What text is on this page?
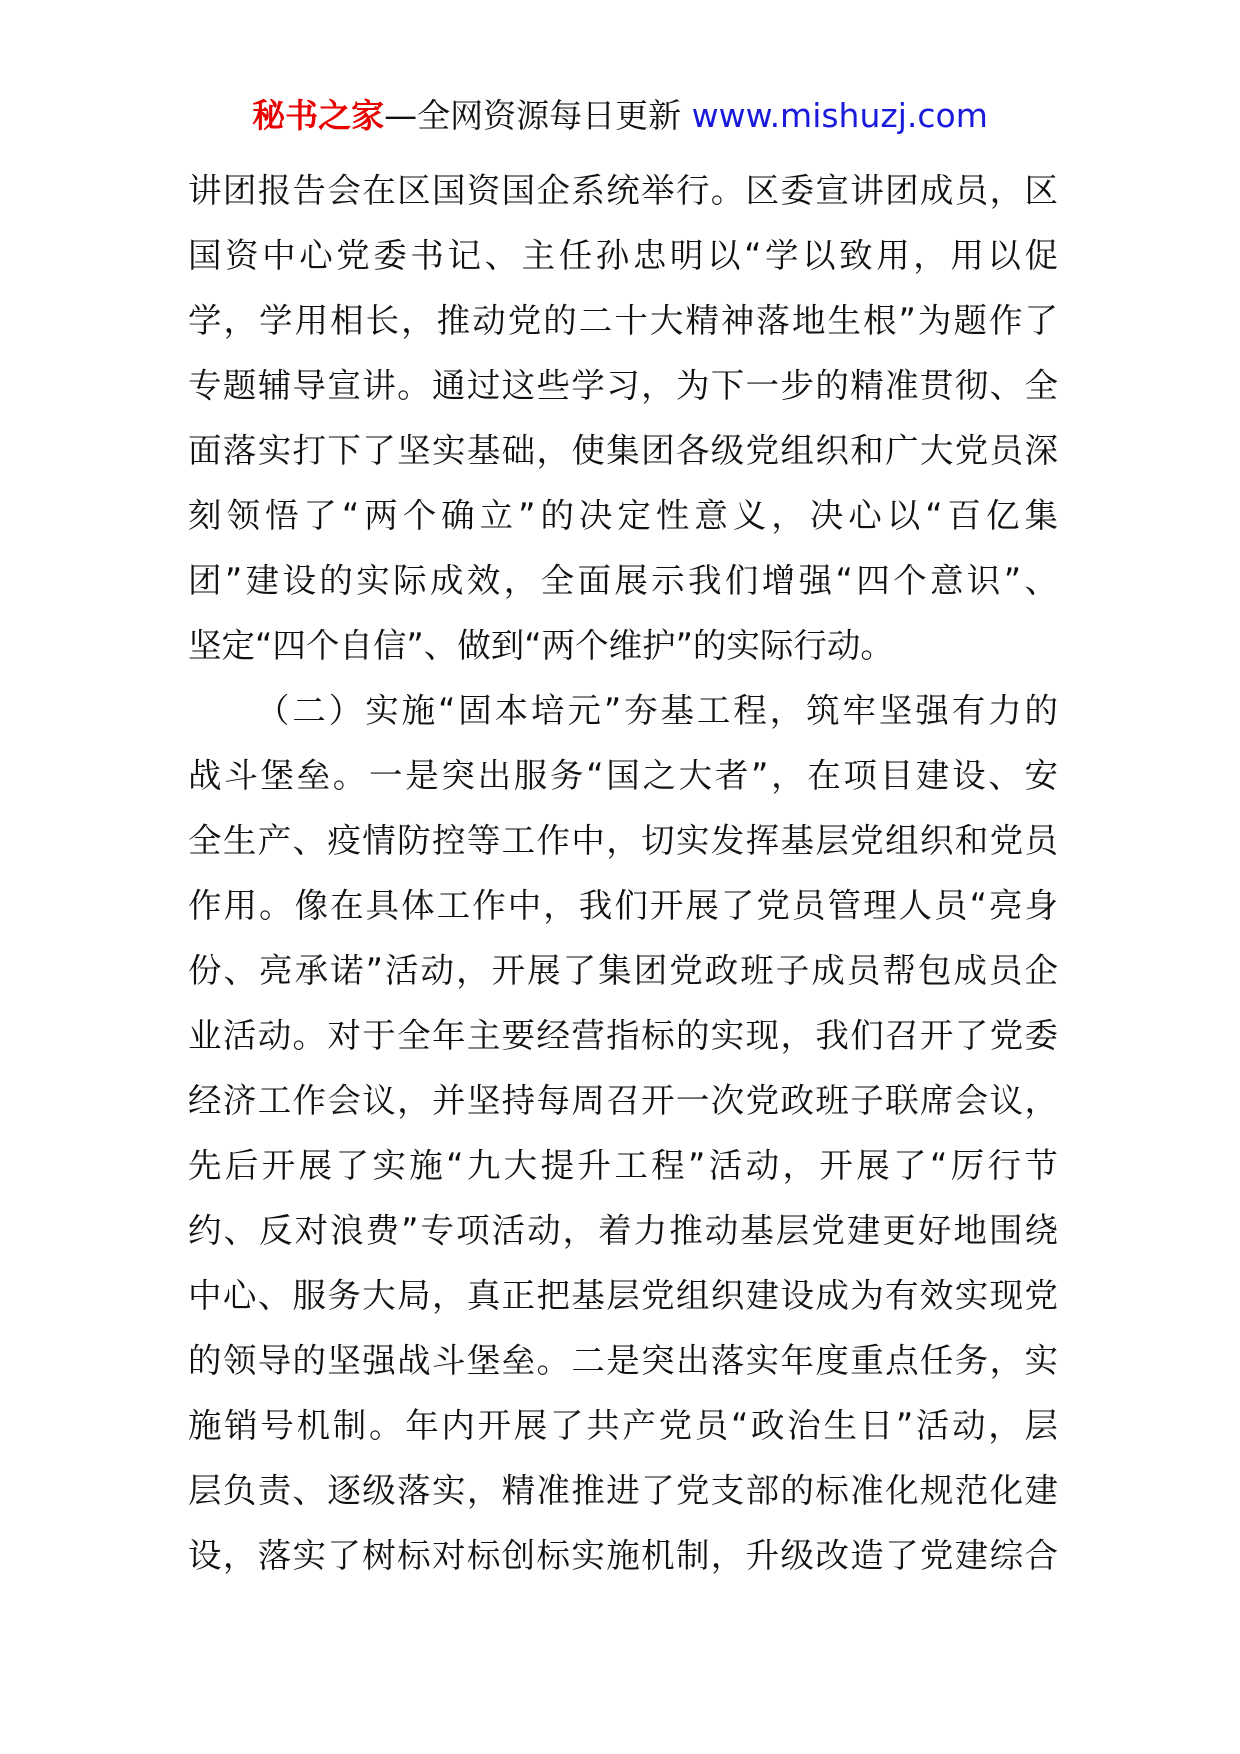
秘书之家—全网资源每日更新 www.mishuzj.com
讲团报告会在区国资国企系统举行。区委宣讲团成员，区
国资中心党委书记、主任孙忠明以“学以致用，用以促
学，学用相长，推动党的二十大精神落地生根”为题作了
专题辅导宣讲。通过这些学习，为下一步的精准贯彻、全
面落实打下了坚实基础，使集团各级党组织和广大党员深
刻领悟了“两个确立”的决定性意义，决心以“百亿集
团”建设的实际成效，全面展示我们增强“四个意识”、
坚定“四个自信”、做到“两个维护”的实际行动。
（二）实施“固本培元”夯基工程，筑牢坚强有力的
战斗堡垒。一是突出服务“国之大者”，在项目建设、安
全生产、疫情防控等工作中，切实发挥基层党组织和党员
作用。像在具体工作中，我们开展了党员管理人员“亮身
份、亮承诺”活动，开展了集团党政班子成员帮包成员企
业活动。对于全年主要经营指标的实现，我们召开了党委
经济工作会议，并坚持每周召开一次党政班子联席会议，
先后开展了实施“九大提升工程”活动，开展了“厉行节
约、反对浪费”专项活动，着力推动基层党建更好地围绕
中心、服务大局，真正把基层党组织建设成为有效实现党
的领导的坚强战斗堡垒。二是突出落实年度重点任务，实
施销号机制。年内开展了共产党员“政治生日”活动，层
层负责、逐级落实，精准推进了党支部的标准化规范化建
设，落实了树标对标创标实施机制，升级改造了党建综合
